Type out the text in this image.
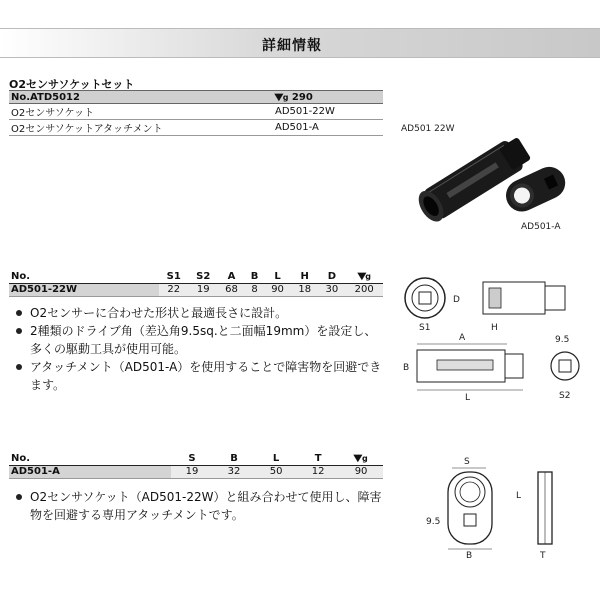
詳細情報
O2センサソケットセット
No.ATD5012	▼g 290
O2センサソケット	AD501-22W
O2センサソケットアタッチメント	AD501-A	AD501 22W
AD501-A
No.	S1	S2	A	B	L	H	D	▼g
AD501-22W	22	19	68	8	90	18	30	200
D
S1	H
A
B
L
9.5
S2
O2センサーに合わせた形状と最適長さに設計。
2種類のドライブ角（差込角9.5sq.と二面幅19mm）を設定し、多くの駆動工具が使用可能。
アタッチメント（AD501‐A）を使用することで障害物を回避できます。
No.	S	B	L	T	▼g
AD501‐A	19	32	50	12	90
S
9.5
B
L
T
O2センサソケット（AD501-22W）と組み合わせて使用し、障害物を回避する専用アタッチメントです。
